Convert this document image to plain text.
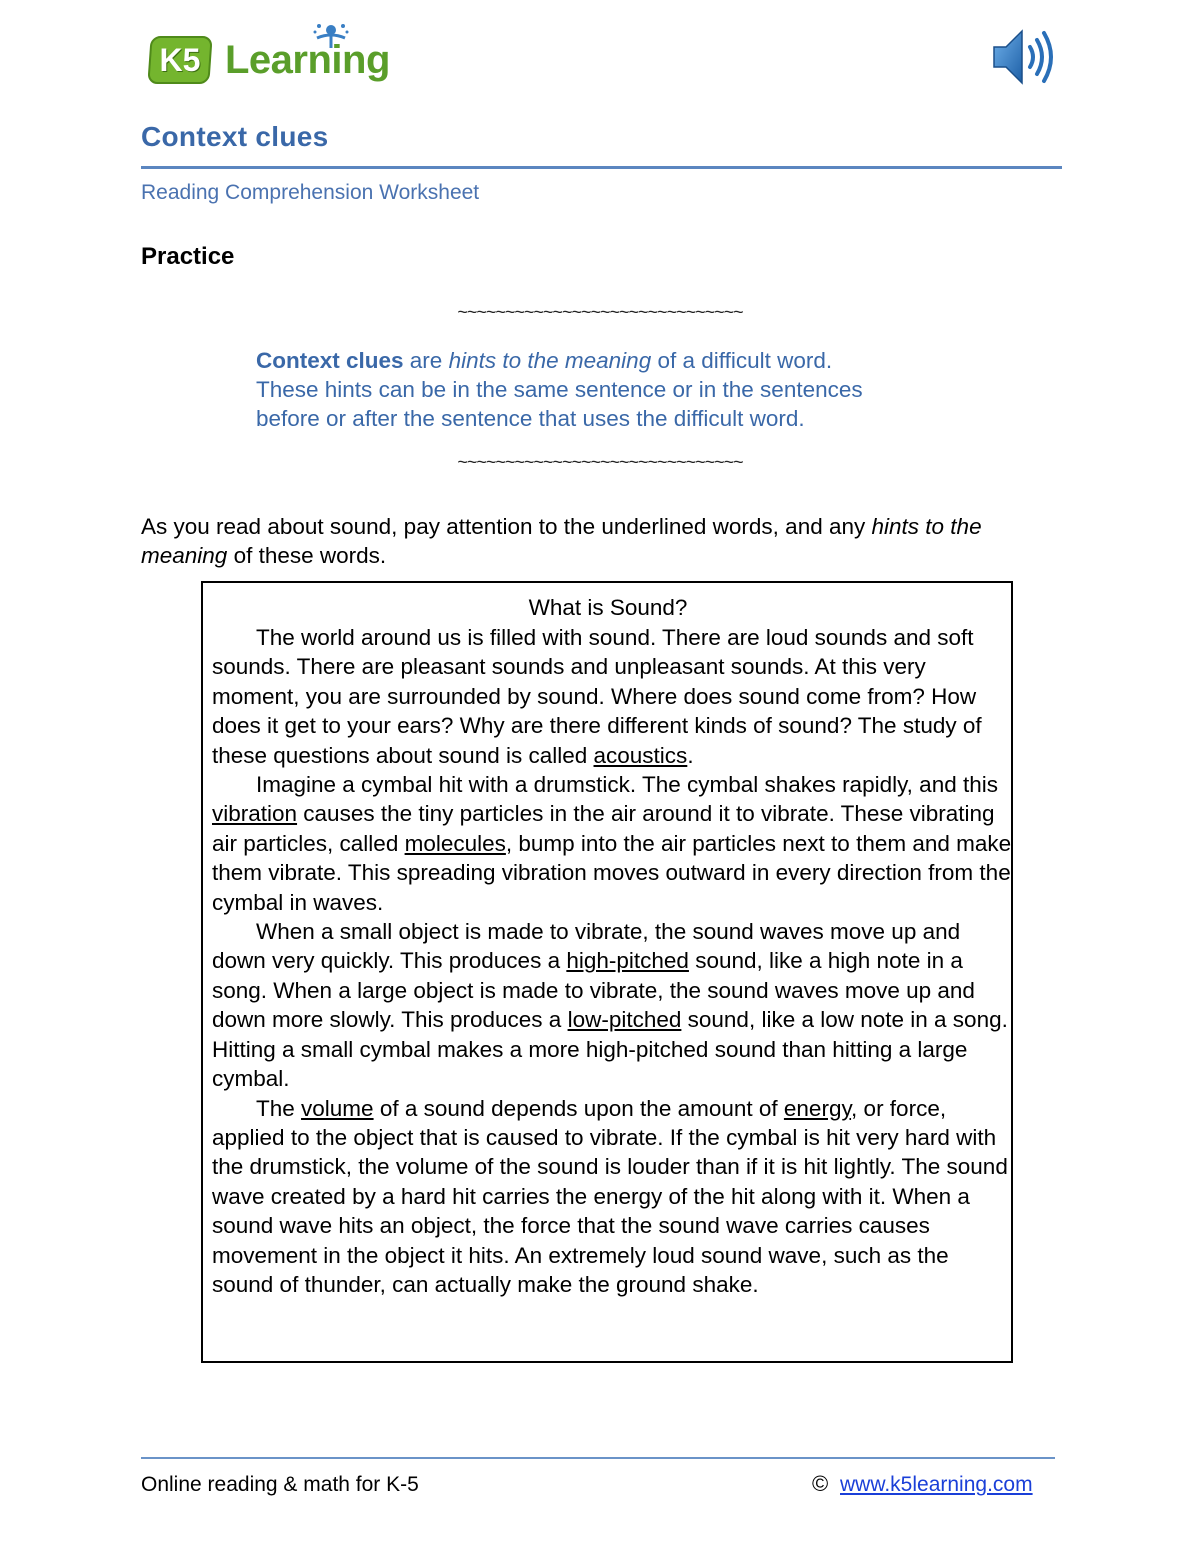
K5 Learning
Context clues
Reading Comprehension Worksheet
Practice
~~~~~~~~~~~~~~~~~~~~~~~~~~~~~~
Context clues are hints to the meaning of a difficult word.
These hints can be in the same sentence or in the sentences
before or after the sentence that uses the difficult word.
~~~~~~~~~~~~~~~~~~~~~~~~~~~~~~
As you read about sound, pay attention to the underlined words, and any hints to the meaning of these words.
What is Sound?

The world around us is filled with sound. There are loud sounds and soft sounds. There are pleasant sounds and unpleasant sounds. At this very moment, you are surrounded by sound. Where does sound come from? How does it get to your ears? Why are there different kinds of sound? The study of these questions about sound is called acoustics.

Imagine a cymbal hit with a drumstick. The cymbal shakes rapidly, and this vibration causes the tiny particles in the air around it to vibrate. These vibrating air particles, called molecules, bump into the air particles next to them and make them vibrate. This spreading vibration moves outward in every direction from the cymbal in waves.

When a small object is made to vibrate, the sound waves move up and down very quickly. This produces a high-pitched sound, like a high note in a song. When a large object is made to vibrate, the sound waves move up and down more slowly. This produces a low-pitched sound, like a low note in a song. Hitting a small cymbal makes a more high-pitched sound than hitting a large cymbal.

The volume of a sound depends upon the amount of energy, or force, applied to the object that is caused to vibrate. If the cymbal is hit very hard with the drumstick, the volume of the sound is louder than if it is hit lightly. The sound wave created by a hard hit carries the energy of the hit along with it. When a sound wave hits an object, the force that the sound wave carries causes movement in the object it hits. An extremely loud sound wave, such as the sound of thunder, can actually make the ground shake.

Online reading & math for K-5	© www.k5learning.com
